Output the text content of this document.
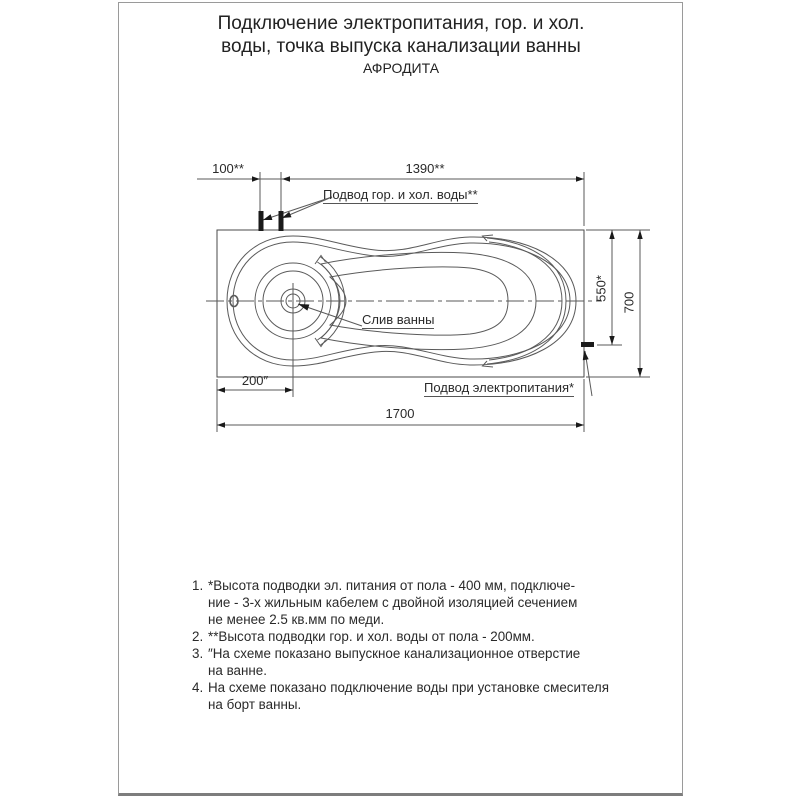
Подключение электропитания, гор. и хол.
воды, точка выпуска канализации ванны
АФРОДИТА
Подвод гор. и хол. воды**
Слив ванны
Подвод электропитания*
100**	1390**
550*
700
200″
1700
1. *Высота подводки эл. питания от пола - 400 мм, подключе-
ние - 3-х жильным кабелем с двойной изоляцией сечением
не менее 2.5 кв.мм по меди.
2. **Высота подводки гор. и хол. воды от пола - 200мм.
3. ″На схеме показано выпускное канализационное отверстие
на ванне.
4. На схеме показано подключение воды при установке смесителя
на борт ванны.
